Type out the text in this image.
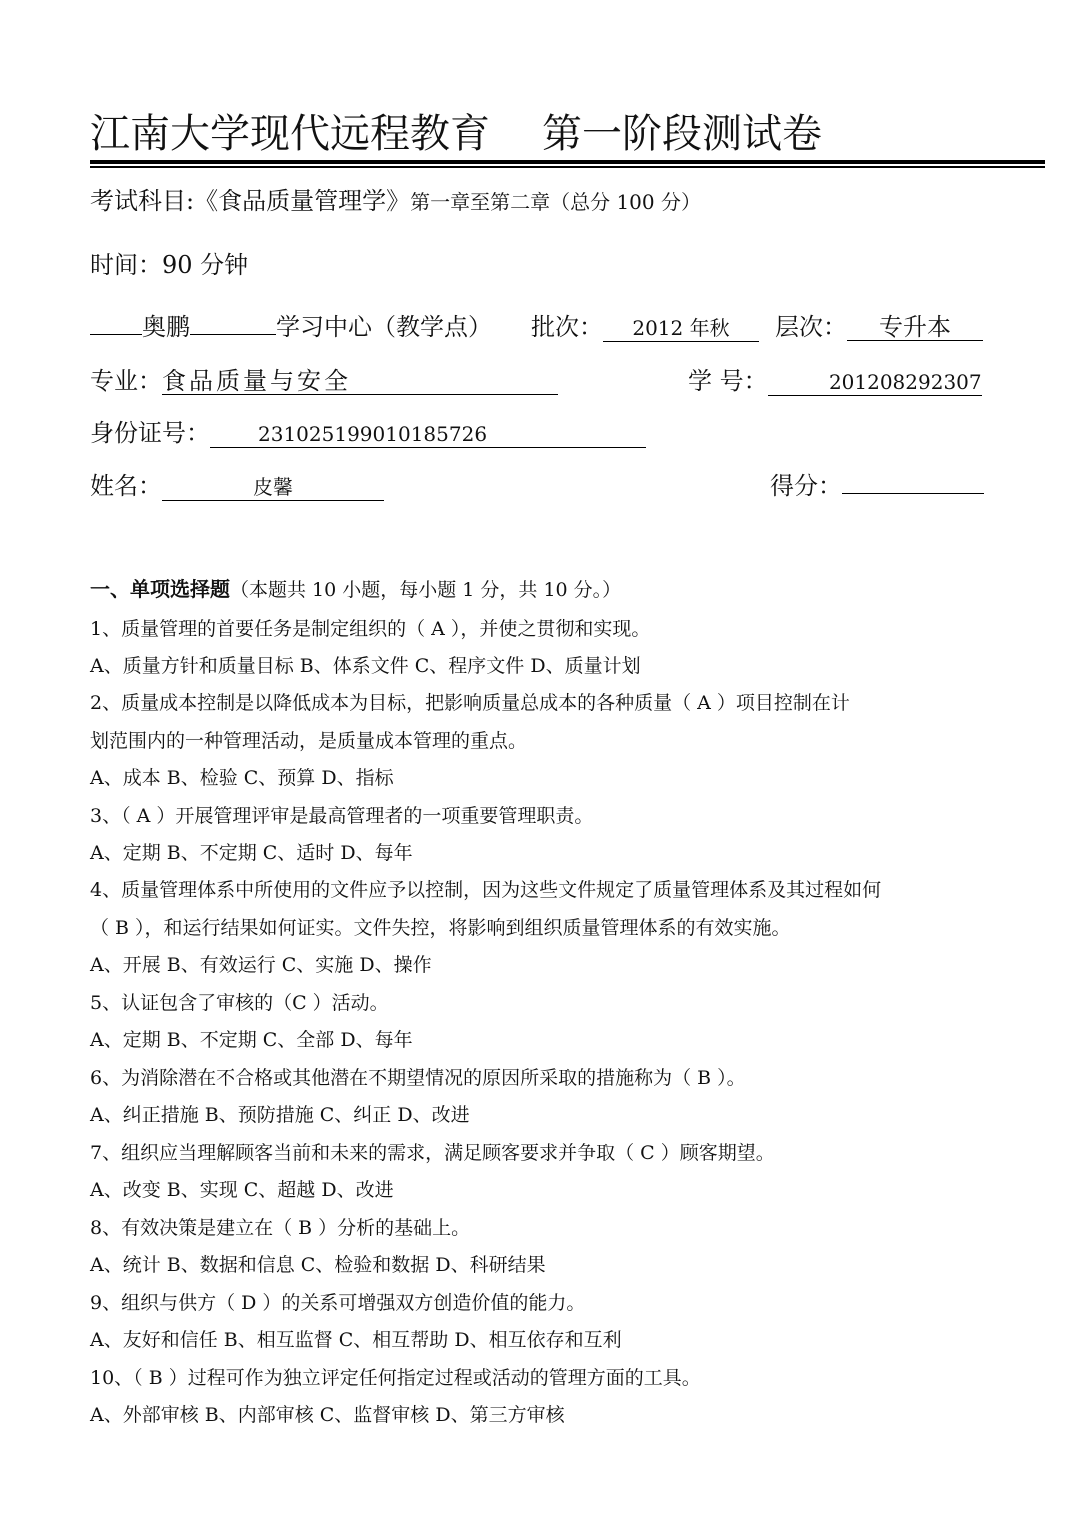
江南大学现代远程教育 第一阶段测试卷
考试科目:《食品质量管理学》第一章至第二章（总分 100 分）
时间：90 分钟
奥鹏	学习中心（教学点） 批次： 2012 年秋	层次： 专升本
专业：食品质量与安全	学 号：	201208292307
身份证号： 231025199010185726
姓名：	皮馨	得分：
一、单项选择题（本题共 10 小题，每小题 1 分，共 10 分。）
1、质量管理的首要任务是制定组织的（ A ），并使之贯彻和实现。
A、质量方针和质量目标 B、体系文件 C、程序文件 D、质量计划
2、质量成本控制是以降低成本为目标，把影响质量总成本的各种质量（ A ）项目控制在计
划范围内的一种管理活动，是质量成本管理的重点。
A、成本 B、检验 C、预算 D、指标
3、（ A ）开展管理评审是最高管理者的一项重要管理职责。
A、定期 B、不定期 C、适时 D、每年
4、质量管理体系中所使用的文件应予以控制，因为这些文件规定了质量管理体系及其过程如何
（ B ），和运行结果如何证实。文件失控，将影响到组织质量管理体系的有效实施。
A、开展 B、有效运行 C、实施 D、操作
5、认证包含了审核的（C ）活动。
A、定期 B、不定期 C、全部 D、每年
6、为消除潜在不合格或其他潜在不期望情况的原因所采取的措施称为（ B ）。
A、纠正措施 B、预防措施 C、纠正 D、改进
7、组织应当理解顾客当前和未来的需求，满足顾客要求并争取（ C ）顾客期望。
A、改变 B、实现 C、超越 D、改进
8、有效决策是建立在（ B ）分析的基础上。
A、统计 B、数据和信息 C、检验和数据 D、科研结果
9、组织与供方（ D ）的关系可增强双方创造价值的能力。
A、友好和信任 B、相互监督 C、相互帮助 D、相互依存和互利
10、（ B ）过程可作为独立评定任何指定过程或活动的管理方面的工具。
A、外部审核 B、内部审核 C、监督审核 D、第三方审核
